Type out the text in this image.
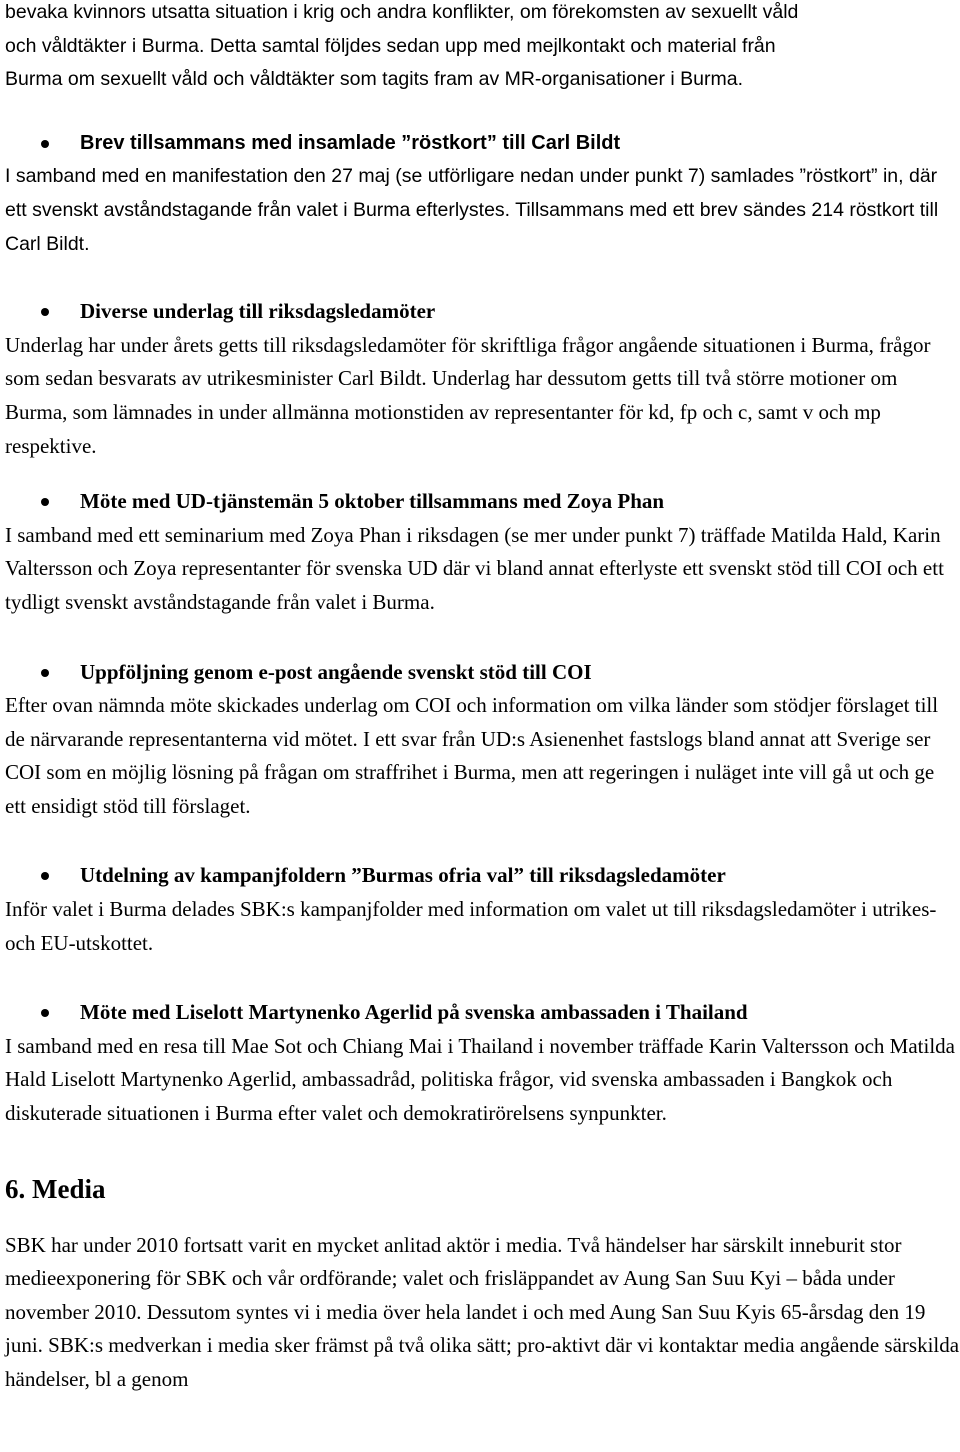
bevaka kvinnors utsatta situation i krig och andra konflikter, om förekomsten av sexuellt våld

och våldtäkter i Burma. Detta samtal följdes sedan upp med mejlkontakt och material från

Burma om sexuellt våld och våldtäkter som tagits fram av MR-organisationer i Burma.

Brev tillsammans med insamlade ”röstkort” till Carl Bildt

I samband med en manifestation den 27 maj (se utförligare nedan under punkt 7) samlades ”röstkort” in, där ett svenskt avståndstagande från valet i Burma efterlystes. Tillsammans med ett brev sändes 214 röstkort till Carl Bildt.

Diverse underlag till riksdagsledamöter

Underlag har under årets getts till riksdagsledamöter för skriftliga frågor angående situationen i Burma, frågor som sedan besvarats av utrikesminister Carl Bildt. Underlag har dessutom getts till två större motioner om Burma, som lämnades in under allmänna motionstiden av representanter för kd, fp och c, samt v och mp respektive.

Möte med UD-tjänstemän 5 oktober tillsammans med Zoya Phan

I samband med ett seminarium med Zoya Phan i riksdagen (se mer under punkt 7) träffade Matilda Hald, Karin Valtersson och Zoya representanter för svenska UD där vi bland annat efterlyste ett svenskt stöd till COI och ett tydligt svenskt avståndstagande från valet i Burma.

Uppföljning genom e-post angående svenskt stöd till COI

Efter ovan nämnda möte skickades underlag om COI och information om vilka länder som stödjer förslaget till de närvarande representanterna vid mötet. I ett svar från UD:s Asienenhet fastslogs bland annat att Sverige ser COI som en möjlig lösning på frågan om straffrihet i Burma, men att regeringen i nuläget inte vill gå ut och ge ett ensidigt stöd till förslaget.

Utdelning av kampanjfoldern ”Burmas ofria val” till riksdagsledamöter

Inför valet i Burma delades SBK:s kampanjfolder med information om valet ut till riksdagsledamöter i utrikes- och EU-utskottet.

Möte med Liselott Martynenko Agerlid på svenska ambassaden i Thailand

I samband med en resa till Mae Sot och Chiang Mai i Thailand i november träffade Karin Valtersson och Matilda Hald Liselott Martynenko Agerlid, ambassadråd, politiska frågor, vid svenska ambassaden i Bangkok och diskuterade situationen i Burma efter valet och demokratirörelsens synpunkter.

6. Media

SBK har under 2010 fortsatt varit en mycket anlitad aktör i media. Två händelser har särskilt inneburit stor medieexponering för SBK och vår ordförande; valet och frisläppandet av Aung San Suu Kyi – båda under november 2010. Dessutom syntes vi i media över hela landet i och med Aung San Suu Kyis 65-årsdag den 19 juni. SBK:s medverkan i media sker främst på två olika sätt; pro-aktivt där vi kontaktar media angående särskilda händelser, bl a genom
